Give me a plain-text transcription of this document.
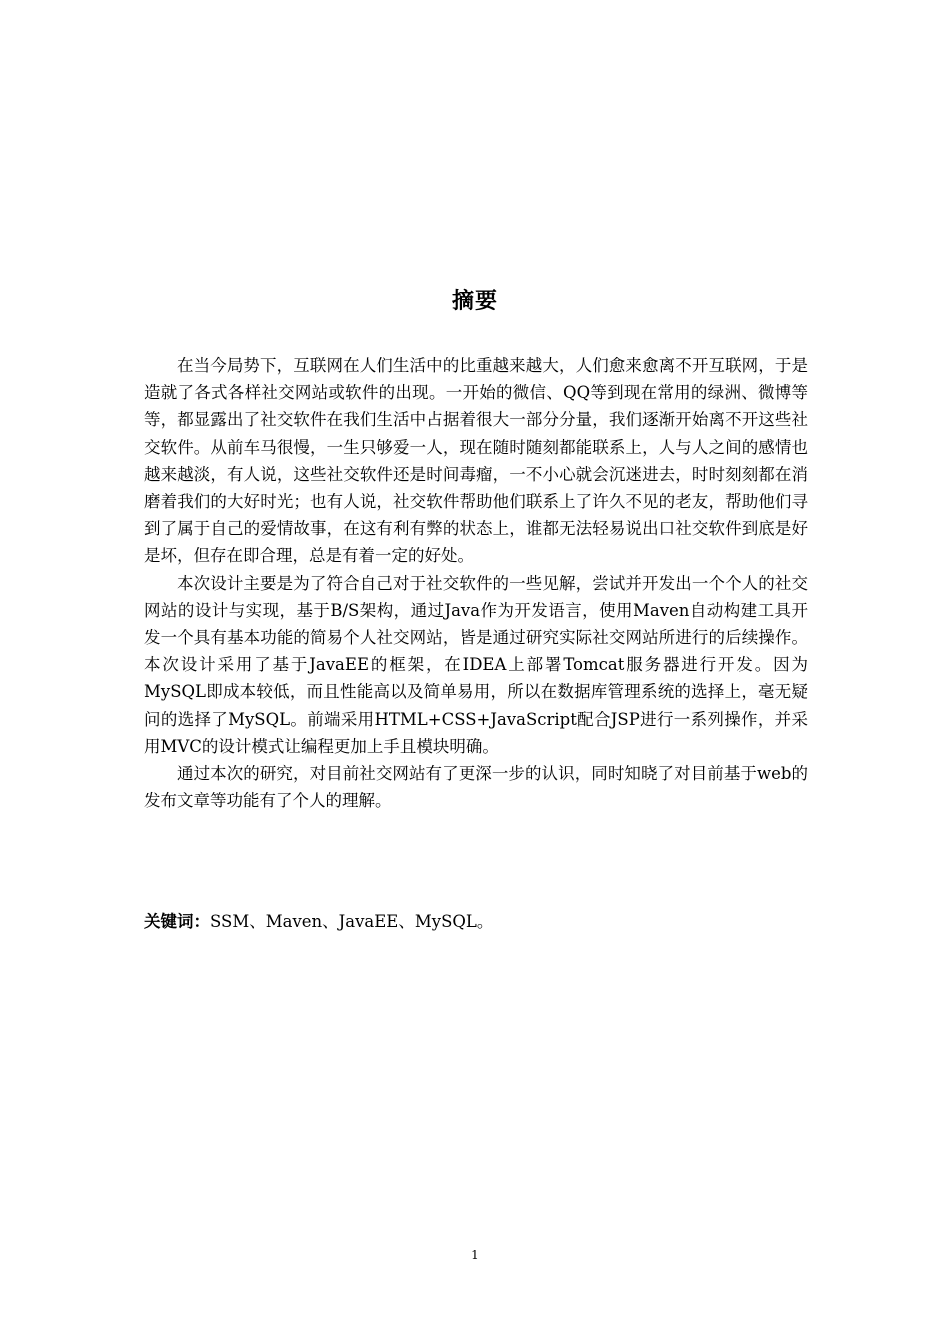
摘要

在当今局势下，互联网在人们生活中的比重越来越大，人们愈来愈离不开互联网，于是造就了各式各样社交网站或软件的出现。一开始的微信、QQ等到现在常用的绿洲、微博等等，都显露出了社交软件在我们生活中占据着很大一部分分量，我们逐渐开始离不开这些社交软件。从前车马很慢，一生只够爱一人，现在随时随刻都能联系上，人与人之间的感情也越来越淡，有人说，这些社交软件还是时间毒瘤，一不小心就会沉迷进去，时时刻刻都在消磨着我们的大好时光；也有人说，社交软件帮助他们联系上了许久不见的老友，帮助他们寻到了属于自己的爱情故事，在这有利有弊的状态上，谁都无法轻易说出口社交软件到底是好是坏，但存在即合理，总是有着一定的好处。

本次设计主要是为了符合自己对于社交软件的一些见解，尝试并开发出一个个人的社交网站的设计与实现，基于B/S架构，通过Java作为开发语言，使用Maven自动构建工具开发一个具有基本功能的简易个人社交网站，皆是通过研究实际社交网站所进行的后续操作。本次设计采用了基于JavaEE的框架，在IDEA上部署Tomcat服务器进行开发。因为MySQL即成本较低，而且性能高以及简单易用，所以在数据库管理系统的选择上，毫无疑问的选择了MySQL。前端采用HTML+CSS+JavaScript配合JSP进行一系列操作，并采用MVC的设计模式让编程更加上手且模块明确。

通过本次的研究，对目前社交网站有了更深一步的认识，同时知晓了对目前基于web的发布文章等功能有了个人的理解。

关键词：SSM、Maven、JavaEE、MySQL。
1
